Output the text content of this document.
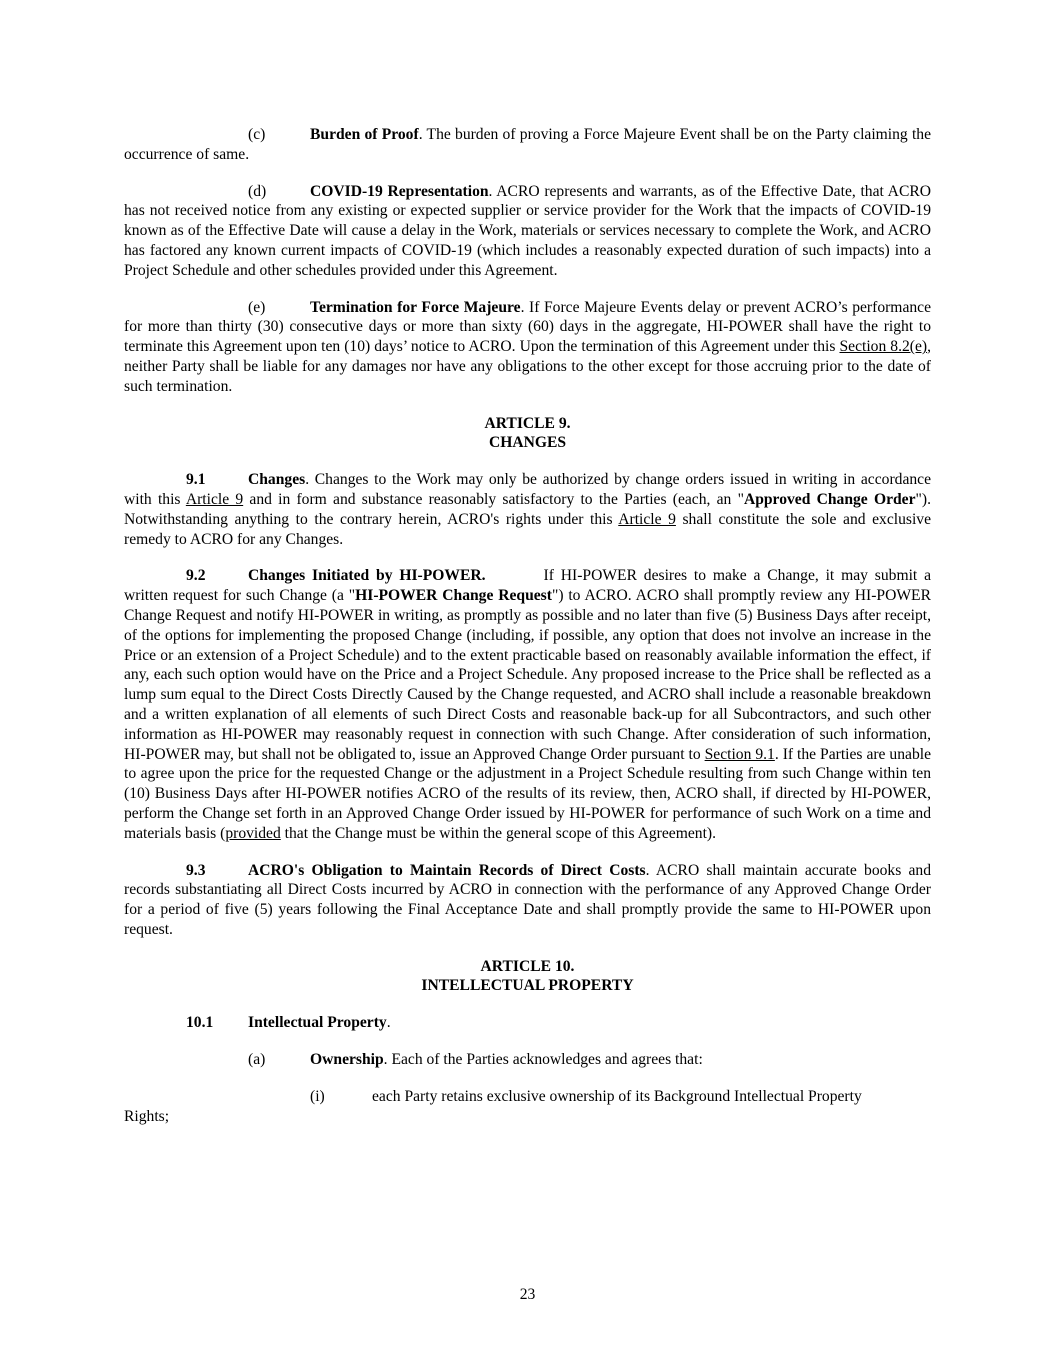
(c)	Burden of Proof. The burden of proving a Force Majeure Event shall be on the Party claiming the occurrence of same.

(d)	COVID-19 Representation. ACRO represents and warrants, as of the Effective Date, that ACRO has not received notice from any existing or expected supplier or service provider for the Work that the impacts of COVID-19 known as of the Effective Date will cause a delay in the Work, materials or services necessary to complete the Work, and ACRO has factored any known current impacts of COVID-19 (which includes a reasonably expected duration of such impacts) into a Project Schedule and other schedules provided under this Agreement.

(e)	Termination for Force Majeure. If Force Majeure Events delay or prevent ACRO’s performance for more than thirty (30) consecutive days or more than sixty (60) days in the aggregate, HI-POWER shall have the right to terminate this Agreement upon ten (10) days’ notice to ACRO. Upon the termination of this Agreement under this Section 8.2(e), neither Party shall be liable for any damages nor have any obligations to the other except for those accruing prior to the date of such termination.

ARTICLE 9.

CHANGES

9.1	Changes. Changes to the Work may only be authorized by change orders issued in writing in accordance with this Article 9 and in form and substance reasonably satisfactory to the Parties (each, an "Approved Change Order"). Notwithstanding anything to the contrary herein, ACRO's rights under this Article 9 shall constitute the sole and exclusive remedy to ACRO for any Changes.

9.2	Changes Initiated by HI-POWER.	If HI-POWER desires to make a Change, it may submit a written request for such Change (a "HI-POWER Change Request") to ACRO. ACRO shall promptly review any HI-POWER Change Request and notify HI-POWER in writing, as promptly as possible and no later than five (5) Business Days after receipt, of the options for implementing the proposed Change (including, if possible, any option that does not involve an increase in the Price or an extension of a Project Schedule) and to the extent practicable based on reasonably available information the effect, if any, each such option would have on the Price and a Project Schedule. Any proposed increase to the Price shall be reflected as a lump sum equal to the Direct Costs Directly Caused by the Change requested, and ACRO shall include a reasonable breakdown and a written explanation of all elements of such Direct Costs and reasonable back-up for all Subcontractors, and such other information as HI-POWER may reasonably request in connection with such Change. After consideration of such information, HI-POWER may, but shall not be obligated to, issue an Approved Change Order pursuant to Section 9.1. If the Parties are unable to agree upon the price for the requested Change or the adjustment in a Project Schedule resulting from such Change within ten (10) Business Days after HI-POWER notifies ACRO of the results of its review, then, ACRO shall, if directed by HI-POWER, perform the Change set forth in an Approved Change Order issued by HI-POWER for performance of such Work on a time and materials basis (provided that the Change must be within the general scope of this Agreement).

9.3	ACRO's Obligation to Maintain Records of Direct Costs. ACRO shall maintain accurate books and records substantiating all Direct Costs incurred by ACRO in connection with the performance of any Approved Change Order for a period of five (5) years following the Final Acceptance Date and shall promptly provide the same to HI-POWER upon request.

ARTICLE 10.

INTELLECTUAL PROPERTY

10.1 Intellectual Property.

(a)	Ownership. Each of the Parties acknowledges and agrees that:

(i)	each Party retains exclusive ownership of its Background Intellectual Property

Rights;

23
